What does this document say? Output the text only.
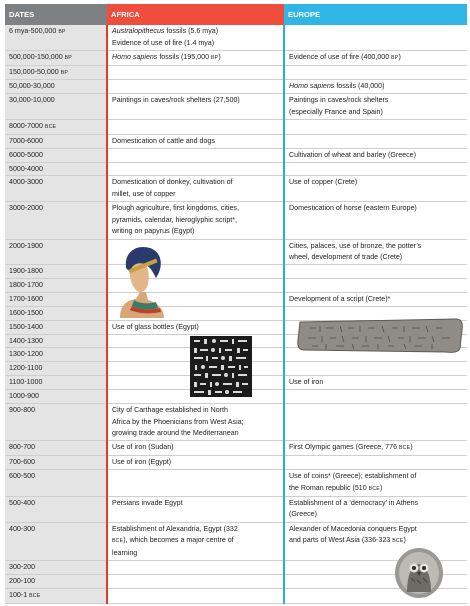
DATES	AFRICA	EUROPE
6 mya-500,000 BP	Australopithecus fossils (5.6 mya)
Evidence of use of fire (1.4 mya)	
500,000-150,000 BP	Homo sapiens fossils (195,000 BP)	Evidence of use of fire (400,000 BP)
150,000-50,000 BP		
50,000-30,000		Homo sapiens fossils (40,000)
30,000-10,000	Paintings in caves/rock shelters (27,500)	Paintings in caves/rock shelters
(especially France and Spain)
8000-7000 BCE		
7000-6000	Domestication of cattle and dogs	
6000-5000		Cultivation of wheat and barley (Greece)
5000-4000		
4000-3000	Domestication of donkey, cultivation of
millet, use of copper	Use of copper (Crete)
3000-2000	Plough agriculture, first kingdoms, cities,
pyramids, calendar, hieroglyphic script*,
writing on papyrus (Egypt)	Domestication of horse (eastern Europe)
2000-1900		Cities, palaces, use of bronze, the potter’s
wheel, development of trade (Crete)
1900-1800		
1800-1700		
1700-1600		Development of a script (Crete)*
1600-1500		
1500-1400	Use of glass bottles (Egypt)	
1400-1300		
1300-1200		
1200-1100		
1100-1000		Use of iron
1000-900		
900-800	City of Carthage established in North
Africa by the Phoenicians from West Asia;
growing trade around the Mediterranean	
800-700	Use of iron (Sudan)	First Olympic games (Greece, 776 BCE)
700-600	Use of iron (Egypt)	
600-500		Use of coins* (Greece); establishment of
the Roman republic (510 BCE)
500-400	Persians invade Egypt	Establishment of a ‘democracy’ in Athens
(Greece)
400-300	Establishment of Alexandria, Egypt (332
BCE), which becomes a major centre of
learning	Alexander of Macedonia conquers Egypt
and parts of West Asia (336-323 BCE)
300-200		
200-100		
100-1 BCE		
